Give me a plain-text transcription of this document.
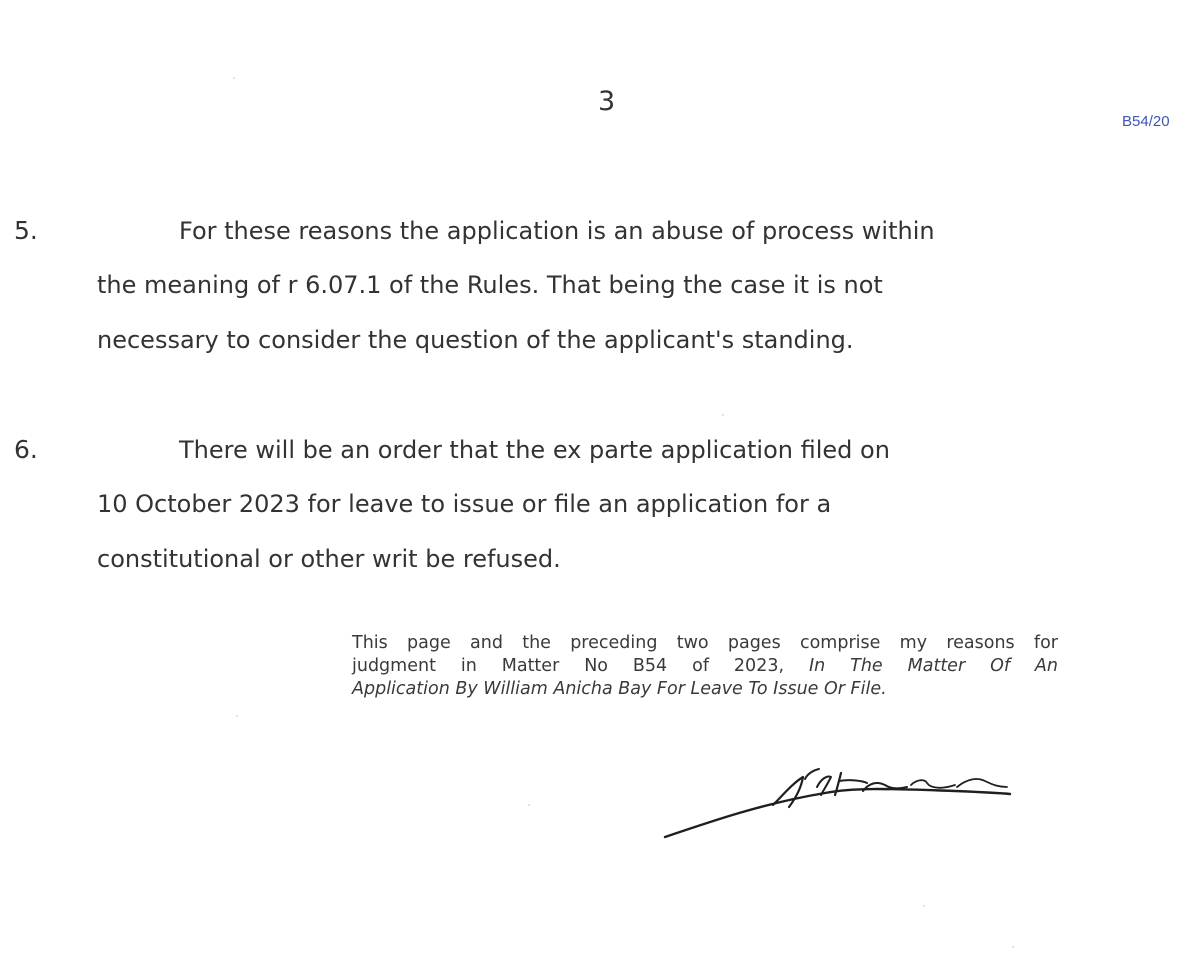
3
B54/20
5.	For these reasons the application is an abuse of process within
the meaning of r 6.07.1 of the Rules. That being the case it is not
necessary to consider the question of the applicant's standing.
6.	There will be an order that the ex parte application filed on
10 October 2023 for leave to issue or file an application for a
constitutional or other writ be refused.
This page and the preceding two pages comprise my reasons for
judgment in Matter No B54 of 2023, In The Matter Of An
Application By William Anicha Bay For Leave To Issue Or File.
